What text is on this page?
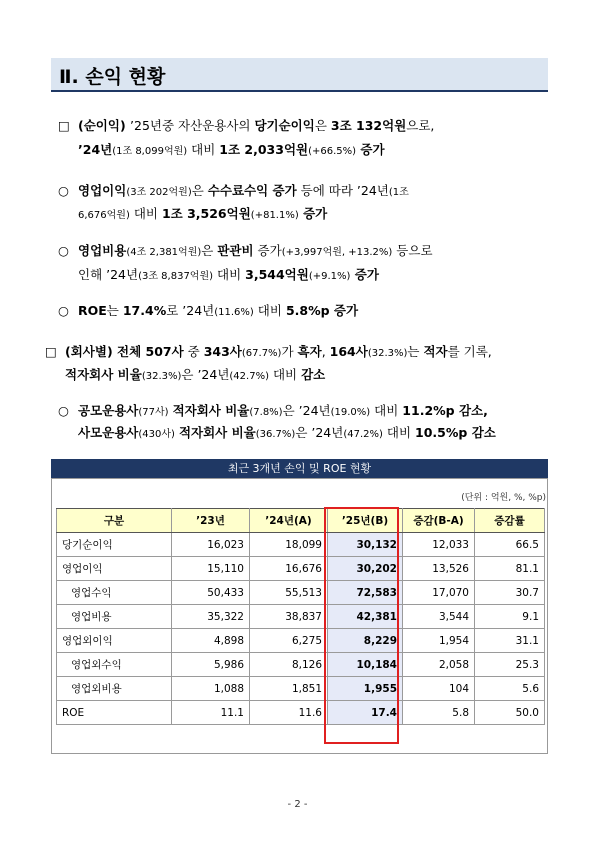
Ⅱ. 손익 현황
□ (순이익) ’25년중 자산운용사의 당기순이익은 3조 132억원으로,
’24년(1조 8,099억원) 대비 1조 2,033억원(+66.5%) 증가
○ 영업이익(3조 202억원)은 수수료수익 증가 등에 따라 ’24년(1조
6,676억원) 대비 1조 3,526억원(+81.1%) 증가
○ 영업비용(4조 2,381억원)은 판관비 증가(+3,997억원, +13.2%) 등으로
인해 ’24년(3조 8,837억원) 대비 3,544억원(+9.1%) 증가
○ ROE는 17.4%로 ’24년(11.6%) 대비 5.8%p 증가
□ (회사별) 전체 507사 중 343사(67.7%)가 흑자, 164사(32.3%)는 적자를 기록,
적자회사 비율(32.3%)은 ’24년(42.7%) 대비 감소
○ 공모운용사(77사) 적자회사 비율(7.8%)은 ’24년(19.0%) 대비 11.2%p 감소,
사모운용사(430사) 적자회사 비율(36.7%)은 ’24년(47.2%) 대비 10.5%p 감소
최근 3개년 손익 및 ROE 현황
(단위 : 억원, %, %p)
구분	’23년	’24년(A)	’25년(B)	증감(B-A)	증감률
당기순이익	16,023	18,099	30,132	12,033	66.5
영업이익	15,110	16,676	30,202	13,526	81.1
영업수익	50,433	55,513	72,583	17,070	30.7
영업비용	35,322	38,837	42,381	3,544	9.1
영업외이익	4,898	6,275	8,229	1,954	31.1
영업외수익	5,986	8,126	10,184	2,058	25.3
영업외비용	1,088	1,851	1,955	104	5.6
ROE	11.1	11.6	17.4	5.8	50.0
- 2 -
